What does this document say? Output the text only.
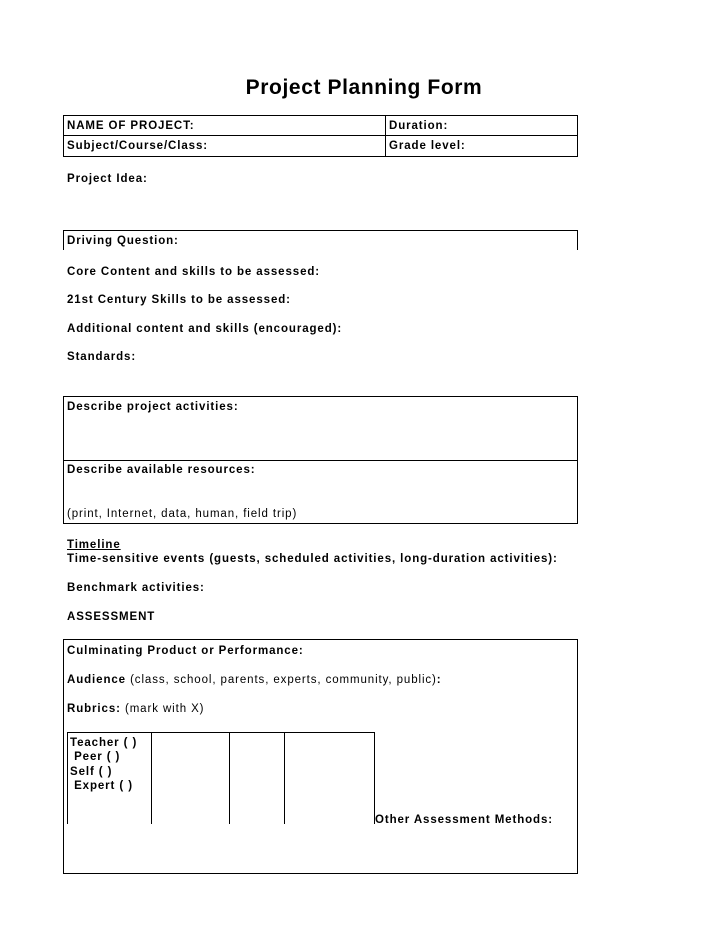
Project Planning Form
NAME OF PROJECT:	Duration:
Subject/Course/Class:	Grade level:
Project Idea:
Driving Question:
Core Content and skills to be assessed:
21st Century Skills to be assessed:
Additional content and skills (encouraged):
Standards:
Describe project activities:
Describe available resources:
(print, Internet, data, human, field trip)
Timeline
Time-sensitive events (guests, scheduled activities, long-duration activities):
Benchmark activities:
ASSESSMENT
Culminating Product or Performance:
Audience (class, school, parents, experts, community, public):
Rubrics: (mark with X)
Teacher ( )
Peer ( )
Self ( )
Expert ( )
Other Assessment Methods:
